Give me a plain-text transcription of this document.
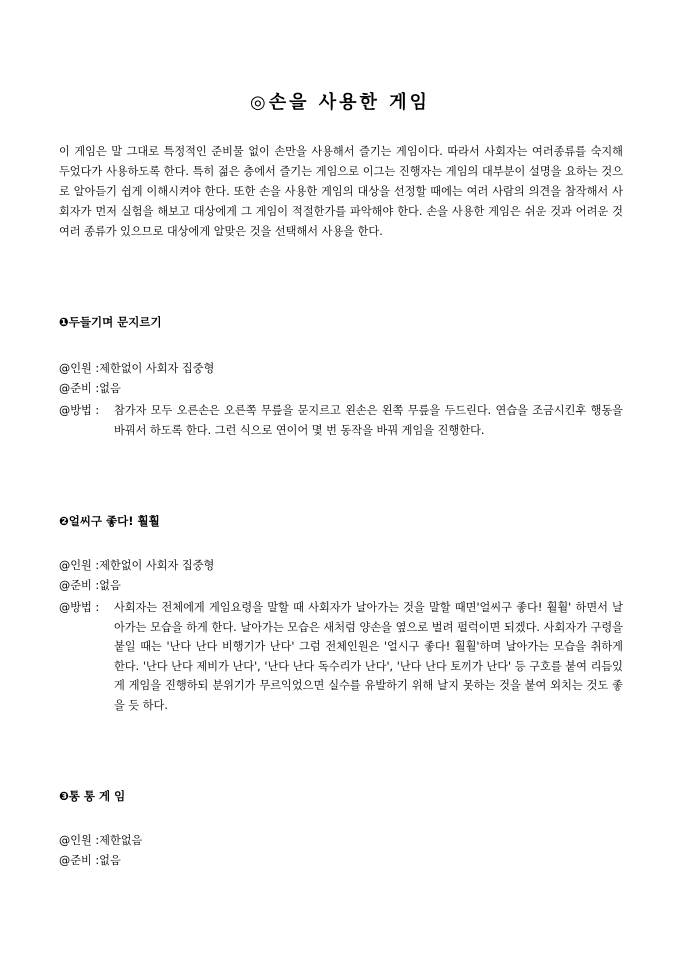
◎손을 사용한 게임
이 게임은 말 그대로 특정적인 준비물 없이 손만을 사용해서 즐기는 게임이다. 따라서 사회자는 여러종류를 숙지해 두었다가 사용하도록 한다. 특히 젊은 층에서 즐기는 게임으로 이그는 진행자는 게임의 대부분이 설명을 요하는 것으로 알아듣기 쉽게 이해시켜야 한다. 또한 손을 사용한 게임의 대상을 선정할 때에는 여러 사람의 의견을 참작해서 사회자가 먼저 실험을 해보고 대상에게 그 게임이 적절한가를 파악해야 한다. 손을 사용한 게임은 쉬운 것과 어려운 것 여러 종류가 있으므로 대상에게 알맞은 것을 선택해서 사용을 한다.
❶두들기며 문지르기
@인원 : 제한없이 사회자 집중형
@준비 : 없음
@방법 :	참가자 모두 오른손은 오른쪽 무릎을 문지르고 왼손은 왼쪽 무릎을 두드린다. 연습을 조금시킨후 행동을 바꿔서 하도록 한다. 그런 식으로 연이어 몇 번 동작을 바꿔 게임을 진행한다.
❷얼씨구 좋다! 훨훨
@인원 : 제한없이 사회자 집중형
@준비 : 없음
@방법 :	사회자는 전체에게 게임요령을 말할 때 사회자가 날아가는 것을 말할 때면'얼씨구 좋다! 훨훨' 하면서 날아가는 모습을 하게 한다. 날아가는 모습은 새처럼 양손을 옆으로 벌려 펄럭이면 되겠다. 사회자가 구령을 붙일 때는 '난다 난다 비행기가 난다' 그럼 전체인원은 '얼시구 좋다! 훨훨'하며 날아가는 모습을 취하게 한다. '난다 난다 제비가 난다', '난다 난다 독수리가 난다', '난다 난다 토끼가 난다' 등 구호를 붙여 리듬있게 게임을 진행하되 분위기가 무르익었으면 실수를 유발하기 위해 날지 못하는 것을 붙여 외치는 것도 좋을 듯 하다.
❸통 통 게 임
@인원 : 제한없음
@준비 : 없음
